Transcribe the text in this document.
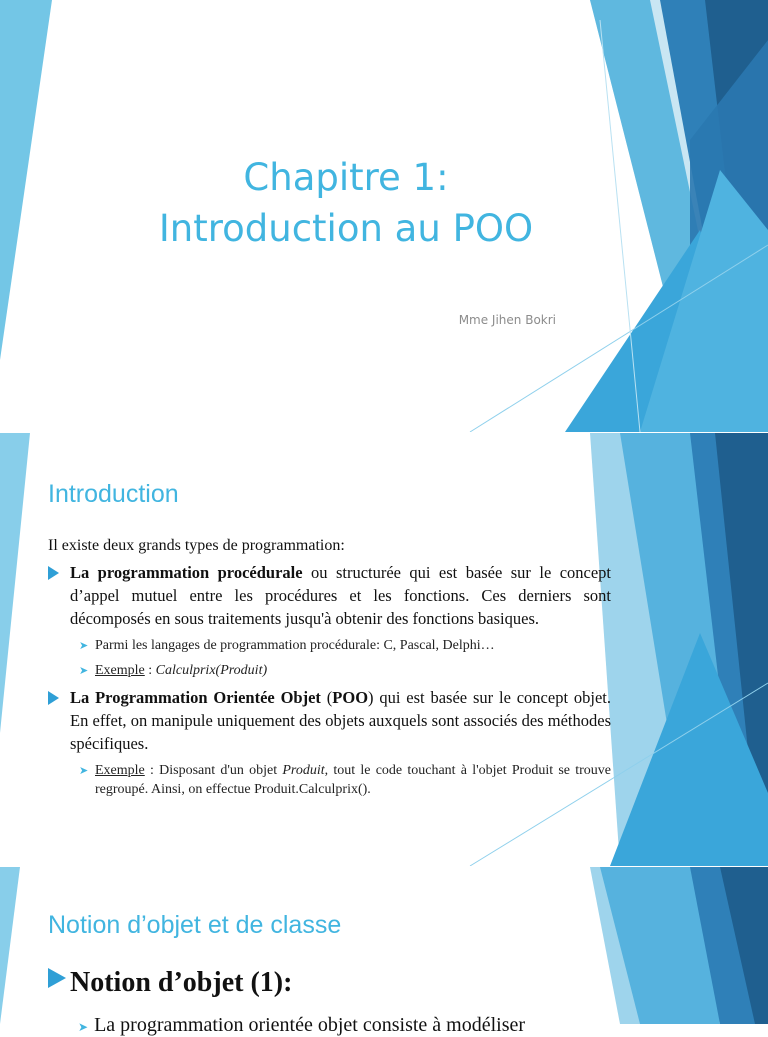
Chapitre 1:
Introduction au POO
Mme Jihen Bokri
Introduction

Il existe deux grands types de programmation:

La programmation procédurale ou structurée qui est basée sur le concept d’appel mutuel entre les procédures et les fonctions. Ces derniers sont décomposés en sous traitements jusqu'à obtenir des fonctions basiques.
➤ Parmi les langages de programmation procédurale: C, Pascal, Delphi…
➤ Exemple : Calculprix(Produit)
La Programmation Orientée Objet (POO) qui est basée sur le concept objet. En effet, on manipule uniquement des objets auxquels sont associés des méthodes spécifiques.
➤ Exemple : Disposant d'un objet Produit, tout le code touchant à l'objet Produit se trouve regroupé. Ainsi, on effectue Produit.Calculprix().
Notion d’objet et de classe
Notion d’objet (1):
➤ La programmation orientée objet consiste à modéliser
